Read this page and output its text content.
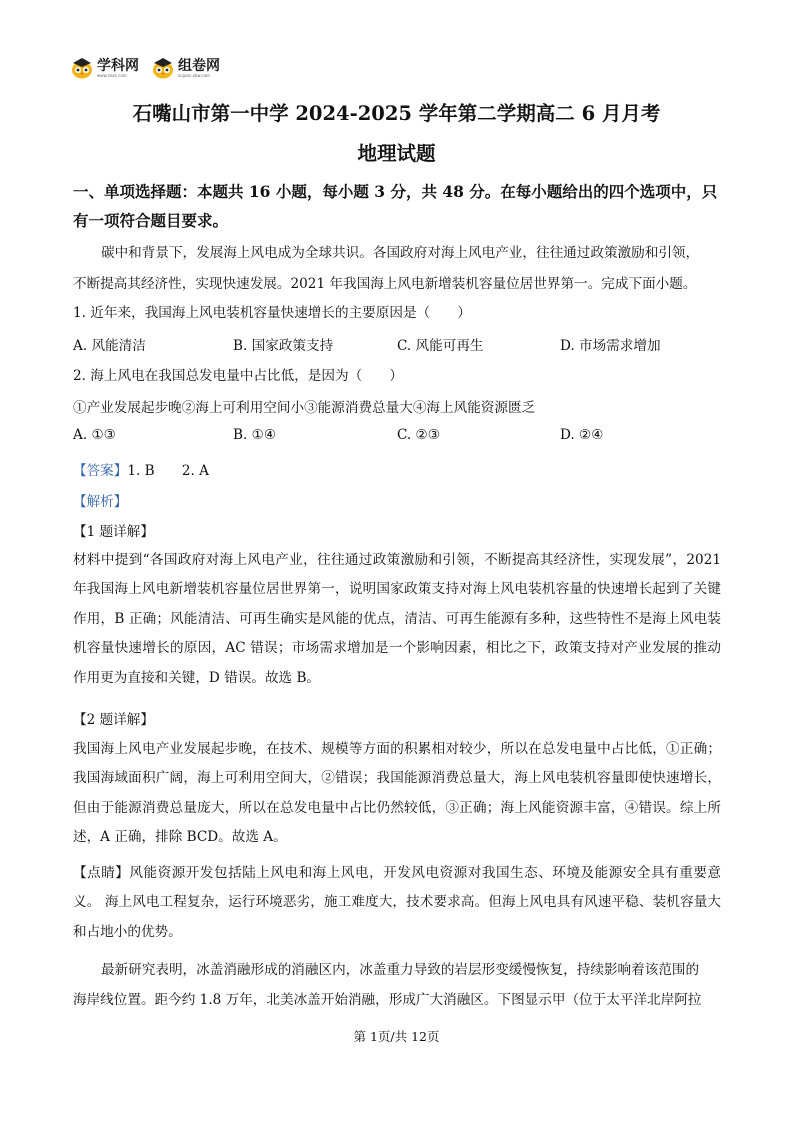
学科网
www.zxxk.com
组卷网
zujuan.xkw.com
石嘴山市第一中学 2024-2025 学年第二学期高二 6 月月考
地理试题
一、单项选择题：本题共 16 小题，每小题 3 分，共 48 分。在每小题给出的四个选项中，只有一项符合题目要求。
碳中和背景下，发展海上风电成为全球共识。各国政府对海上风电产业，往往通过政策激励和引领，
不断提高其经济性，实现快速发展。2021 年我国海上风电新增装机容量位居世界第一。完成下面小题。
1. 近年来，我国海上风电装机容量快速增长的主要原因是（　　）
A. 风能清洁	B. 国家政策支持	C. 风能可再生	D. 市场需求增加
2. 海上风电在我国总发电量中占比低，是因为（　　）
①产业发展起步晚②海上可利用空间小③能源消费总量大④海上风能资源匮乏
A. ①③	B. ①④	C. ②③	D. ②④
【答案】1. B　　2. A
【解析】
【1 题详解】
材料中提到“各国政府对海上风电产业，往往通过政策激励和引领，不断提高其经济性，实现发展”，2021 年我国海上风电新增装机容量位居世界第一，说明国家政策支持对海上风电装机容量的快速增长起到了关键作用，B 正确；风能清洁、可再生确实是风能的优点，清洁、可再生能源有多种，这些特性不是海上风电装机容量快速增长的原因，AC 错误；市场需求增加是一个影响因素，相比之下，政策支持对产业发展的推动作用更为直接和关键，D 错误。故选 B。
【2 题详解】
我国海上风电产业发展起步晚，在技术、规模等方面的积累相对较少，所以在总发电量中占比低，①正确；我国海域面积广阔，海上可利用空间大，②错误；我国能源消费总量大，海上风电装机容量即使快速增长，但由于能源消费总量庞大，所以在总发电量中占比仍然较低，③正确；海上风能资源丰富，④错误。综上所述，A 正确，排除 BCD。故选 A。
【点睛】风能资源开发包括陆上风电和海上风电，开发风电资源对我国生态、环境及能源安全具有重要意义。 海上风电工程复杂，运行环境恶劣，施工难度大，技术要求高。但海上风电具有风速平稳、装机容量大和占地小的优势。
最新研究表明，冰盖消融形成的消融区内，冰盖重力导致的岩层形变缓慢恢复，持续影响着该范围的
海岸线位置。距今约 1.8 万年，北美冰盖开始消融，形成广大消融区。下图显示甲（位于太平洋北岸阿拉
第 1页/共 12页
